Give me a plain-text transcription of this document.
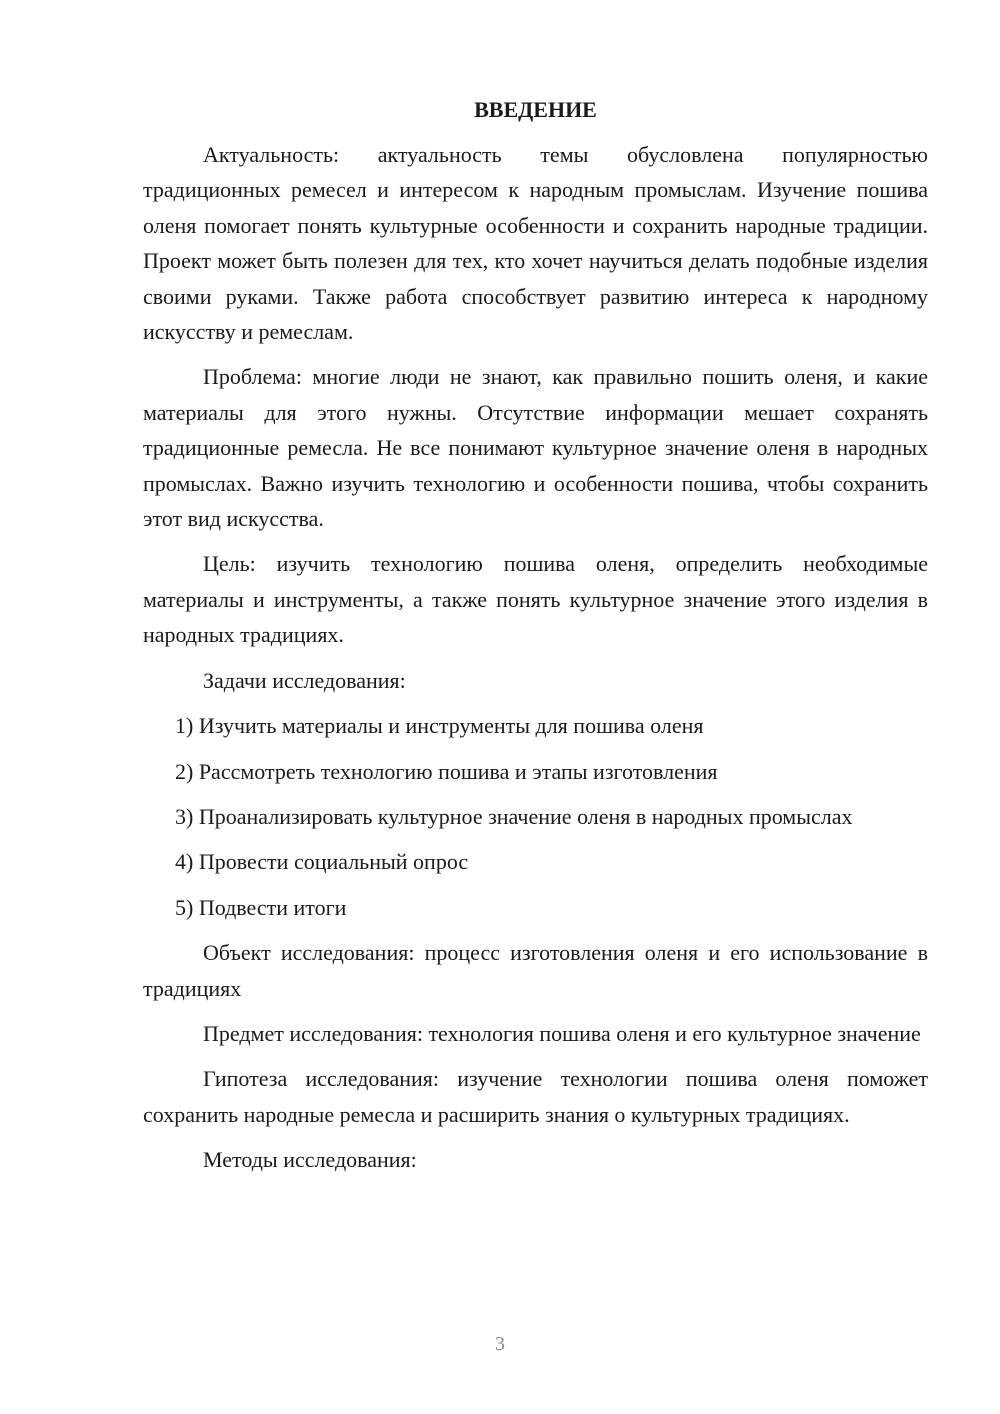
ВВЕДЕНИЕ

Актуальность: актуальность темы обусловлена популярностью традиционных ремесел и интересом к народным промыслам. Изучение пошива оленя помогает понять культурные особенности и сохранить народные традиции. Проект может быть полезен для тех, кто хочет научиться делать подобные изделия своими руками. Также работа способствует развитию интереса к народному искусству и ремеслам.

Проблема: многие люди не знают, как правильно пошить оленя, и какие материалы для этого нужны. Отсутствие информации мешает сохранять традиционные ремесла. Не все понимают культурное значение оленя в народных промыслах. Важно изучить технологию и особенности пошива, чтобы сохранить этот вид искусства.

Цель: изучить технологию пошива оленя, определить необходимые материалы и инструменты, а также понять культурное значение этого изделия в народных традициях.

Задачи исследования:

1) Изучить материалы и инструменты для пошива оленя

2) Рассмотреть технологию пошива и этапы изготовления

3) Проанализировать культурное значение оленя в народных промыслах

4) Провести социальный опрос

5) Подвести итоги

Объект исследования: процесс изготовления оленя и его использование в традициях

Предмет исследования: технология пошива оленя и его культурное значение

Гипотеза исследования: изучение технологии пошива оленя поможет сохранить народные ремесла и расширить знания о культурных традициях.

Методы исследования:

3
